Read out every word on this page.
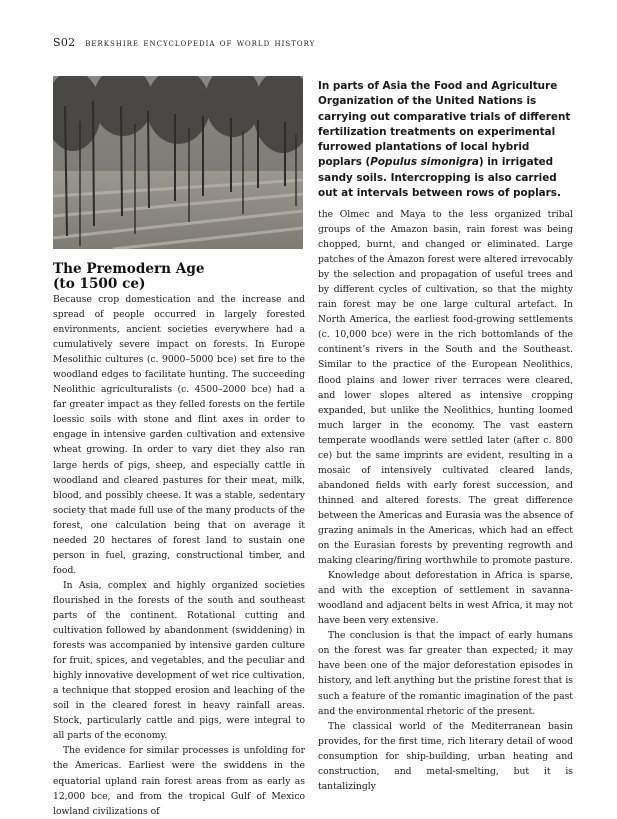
S02 berkshire encyclopedia of world history

In parts of Asia the Food and Agriculture Organization of the United Nations is carrying out comparative trials of different fertilization treatments on experimental furrowed plantations of local hybrid poplars (Populus simonigra) in irrigated sandy soils. Intercropping is also carried out at intervals between rows of poplars.

The Premodern Age
(to 1500 ce)

Because crop domestication and the increase and spread of people occurred in largely forested environments, ancient societies everywhere had a cumulatively severe impact on forests. In Europe Mesolithic cultures (c. 9000–5000 bce) set fire to the woodland edges to facilitate hunting. The succeeding Neolithic agriculturalists (c. 4500–2000 bce) had a far greater impact as they felled forests on the fertile loessic soils with stone and flint axes in order to engage in intensive garden cultivation and extensive wheat growing. In order to vary diet they also ran large herds of pigs, sheep, and especially cattle in woodland and cleared pastures for their meat, milk, blood, and possibly cheese. It was a stable, sedentary society that made full use of the many products of the forest, one calculation being that on average it needed 20 hectares of forest land to sustain one person in fuel, grazing, constructional timber, and food.

In Asia, complex and highly organized societies flourished in the forests of the south and southeast parts of the continent. Rotational cutting and cultivation followed by abandonment (swiddening) in forests was accompanied by intensive garden culture for fruit, spices, and vegetables, and the peculiar and highly innovative development of wet rice cultivation, a technique that stopped erosion and leaching of the soil in the cleared forest in heavy rainfall areas. Stock, particularly cattle and pigs, were integral to all parts of the economy.

The evidence for similar processes is unfolding for the Americas. Earliest were the swiddens in the equatorial upland rain forest areas from as early as 12,000 bce, and from the tropical Gulf of Mexico lowland civilizations of

the Olmec and Maya to the less organized tribal groups of the Amazon basin, rain forest was being chopped, burnt, and changed or eliminated. Large patches of the Amazon forest were altered irrevocably by the selection and propagation of useful trees and by different cycles of cultivation, so that the mighty rain forest may be one large cultural artefact. In North America, the earliest food-growing settlements (c. 10,000 bce) were in the rich bottomlands of the continent’s rivers in the South and the Southeast. Similar to the practice of the European Neolithics, flood plains and lower river terraces were cleared, and lower slopes altered as intensive cropping expanded, but unlike the Neolithics, hunting loomed much larger in the economy. The vast eastern temperate woodlands were settled later (after c. 800 ce) but the same imprints are evident, resulting in a mosaic of intensively cultivated cleared lands, abandoned fields with early forest succession, and thinned and altered forests. The great difference between the Americas and Eurasia was the absence of grazing animals in the Americas, which had an effect on the Eurasian forests by preventing regrowth and making clearing/firing worthwhile to promote pasture.

Knowledge about deforestation in Africa is sparse, and with the exception of settlement in savanna-woodland and adjacent belts in west Africa, it may not have been very extensive.

The conclusion is that the impact of early humans on the forest was far greater than expected; it may have been one of the major deforestation episodes in history, and left anything but the pristine forest that is such a feature of the romantic imagination of the past and the environmental rhetoric of the present.

The classical world of the Mediterranean basin provides, for the first time, rich literary detail of wood consumption for ship-building, urban heating and construction, and metal-smelting, but it is tantalizingly
